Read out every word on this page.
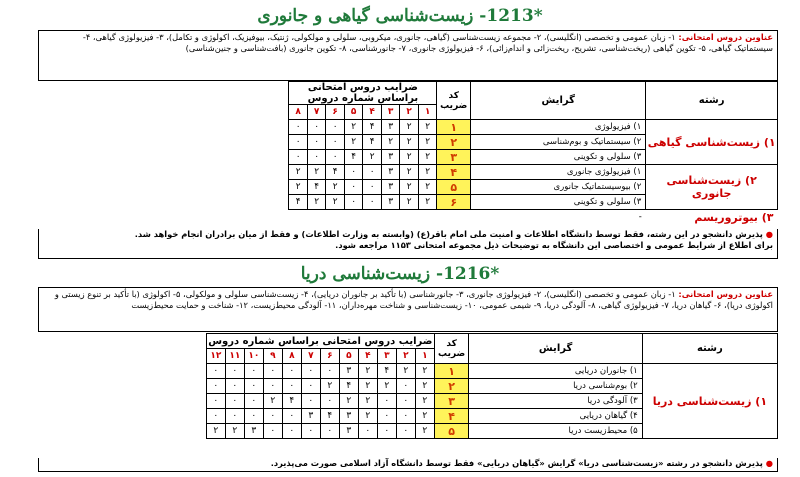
*1213- زیست‌شناسی گیاهی و جانوری
عناوین دروس امتحانی: ۱- زبان عمومی و تخصصی (انگلیسی)، ۲- مجموعه زیست‌شناسی (گیاهی، جانوری، میکروبی، سلولی و مولکولی، ژنتیک، بیوفیزیک، اکولوژی و تکامل)، ۳- فیزیولوژی گیاهی، ۴- سیستماتیک گیاهی، ۵- تکوین گیاهی (ریخت‌شناسی، تشریح، ریخت‌زائی و اندام‌زائی)، ۶- فیزیولوژی جانوری، ۷- جانورشناسی، ۸- تکوین جانوری (بافت‌شناسی و جنین‌شناسی)
رشته	گرایش	کد ضریب	ضرایب دروس امتحانی براساس شماره دروس								
			۱	۲	۳	۴	۵	۶	۷	۸	
۱) زیست‌شناسی گیاهی	۱) فیزیولوژی	۱	۲	۲	۳	۴	۲	۰	۰	۰	
	۲) سیستماتیک و بوم‌شناسی	۲	۲	۲	۲	۴	۲	۰	۰	۰	
	۳) سلولی و تکوینی	۳	۲	۲	۳	۲	۴	۰	۰	۰	
۲) زیست‌شناسی جانوری	۱) فیزیولوژی جانوری	۴	۲	۲	۳	۰	۰	۴	۲	۲	
	۲) بیوسیستماتیک جانوری	۵	۲	۲	۳	۰	۰	۲	۴	۲	
	۳) سلولی و تکوینی	۶	۲	۲	۳	۰	۰	۲	۲	۴	
۳) بیوتروریسم	-										
● پذیرش دانشجو در این رشته، فقط توسط دانشگاه اطلاعات و امنیت ملی امام باقر(ع) (وابسته به وزارت اطلاعات) و فقط از میان برادران انجام خواهد شد.
برای اطلاع از شرایط عمومی و اختصاصی این دانشگاه به توضیحات ذیل مجموعه امتحانی ۱۱۵۳ مراجعه شود.
*1216- زیست‌شناسی دریا
عناوین دروس امتحانی: ۱- زبان عمومی و تخصصی (انگلیسی)، ۲- فیزیولوژی جانوری، ۳- جانورشناسی (با تأکید بر جانوران دریایی)، ۴- زیست‌شناسی سلولی و مولکولی، ۵- اکولوژی (با تأکید بر تنوع زیستی و اکولوژی دریا)، ۶- گیاهان دریا، ۷- فیزیولوژی گیاهی، ۸- آلودگی دریا، ۹- شیمی عمومی، ۱۰- زیست‌شناسی و شناخت مهره‌داران، ۱۱- آلودگی محیط‌زیست، ۱۲- شناخت و حمایت محیط‌زیست
رشته	گرایش	کد ضریب	ضرایب دروس امتحانی براساس شماره دروس												
			۱	۲	۳	۴	۵	۶	۷	۸	۹	۱۰	۱۱	۱۲	
۱) زیست‌شناسی دریا	۱) جانوران دریایی	۱	۲	۲	۴	۲	۳	۰	۰	۰	۰	۰	۰	۰	
	۲) بوم‌شناسی دریا	۲	۲	۰	۲	۲	۴	۲	۰	۰	۰	۰	۰	۰	
	۳) آلودگی دریا	۳	۲	۰	۰	۲	۲	۰	۰	۴	۲	۰	۰	۰	
	۴) گیاهان دریایی	۴	۲	۰	۰	۲	۳	۴	۳	۰	۰	۰	۰	۰	
	۵) محیط‌زیست دریا	۵	۲	۰	۰	۰	۳	۰	۰	۰	۰	۳	۲	۲	
● پذیرش دانشجو در رشته «زیست‌شناسی دریا» گرایش «گیاهان دریایی» فقط توسط دانشگاه آزاد اسلامی صورت می‌پذیرد.
